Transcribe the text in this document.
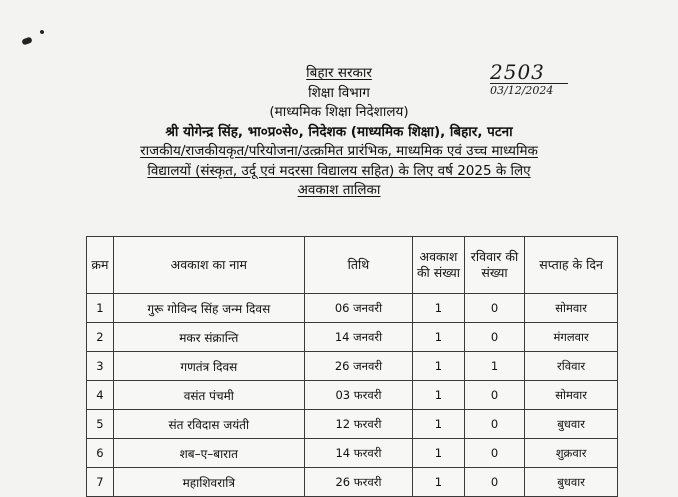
2503
03/12/2024
बिहार सरकार
शिक्षा विभाग
(माध्यमिक शिक्षा निदेशालय)
श्री योगेन्द्र सिंह, भा०प्र०से०, निदेशक (माध्यमिक शिक्षा), बिहार, पटना
राजकीय/राजकीयकृत/परियोजना/उत्क्रमित प्रारंभिक, माध्यमिक एवं उच्च माध्यमिक
विद्यालयों (संस्कृत, उर्दू एवं मदरसा विद्यालय सहित) के लिए वर्ष 2025 के लिए
अवकाश तालिका
क्रम	अवकाश का नाम	तिथि	अवकाश की संख्या	रविवार की संख्या	सप्ताह के दिन
1	गुरू गोविन्द सिंह जन्म दिवस	06 जनवरी	1	0	सोमवार
2	मकर संक्रान्ति	14 जनवरी	1	0	मंगलवार
3	गणतंत्र दिवस	26 जनवरी	1	1	रविवार
4	वसंत पंचमी	03 फरवरी	1	0	सोमवार
5	संत रविदास जयंती	12 फरवरी	1	0	बुधवार
6	शब–ए–बारात	14 फरवरी	1	0	शुक्रवार
7	महाशिवरात्रि	26 फरवरी	1	0	बुधवार
